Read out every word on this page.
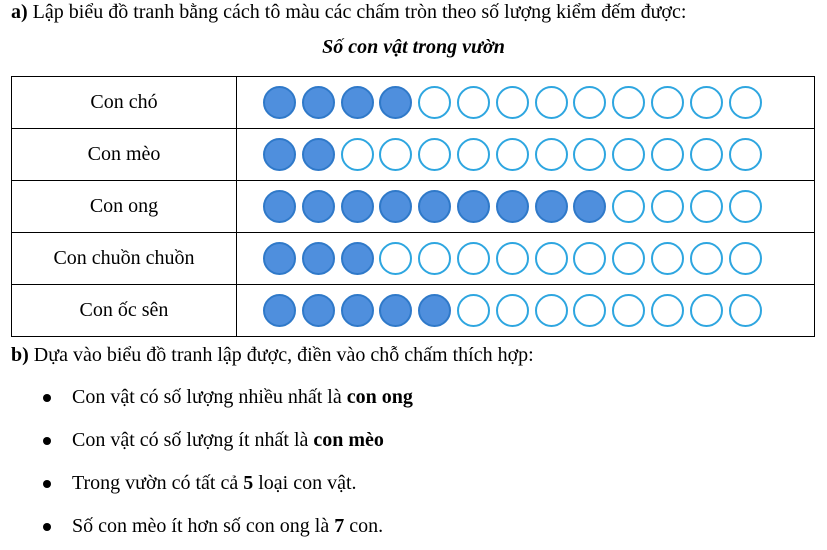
a) Lập biểu đồ tranh bằng cách tô màu các chấm tròn theo số lượng kiểm đếm được:
Số con vật trong vườn
Con chó	

Con mèo	

Con ong	

Con chuồn chuồn	

Con ốc sên	
b) Dựa vào biểu đồ tranh lập được, điền vào chỗ chấm thích hợp:
Con vật có số lượng nhiều nhất là con ong
Con vật có số lượng ít nhất là con mèo
Trong vườn có tất cả 5 loại con vật.
Số con mèo ít hơn số con ong là 7 con.
